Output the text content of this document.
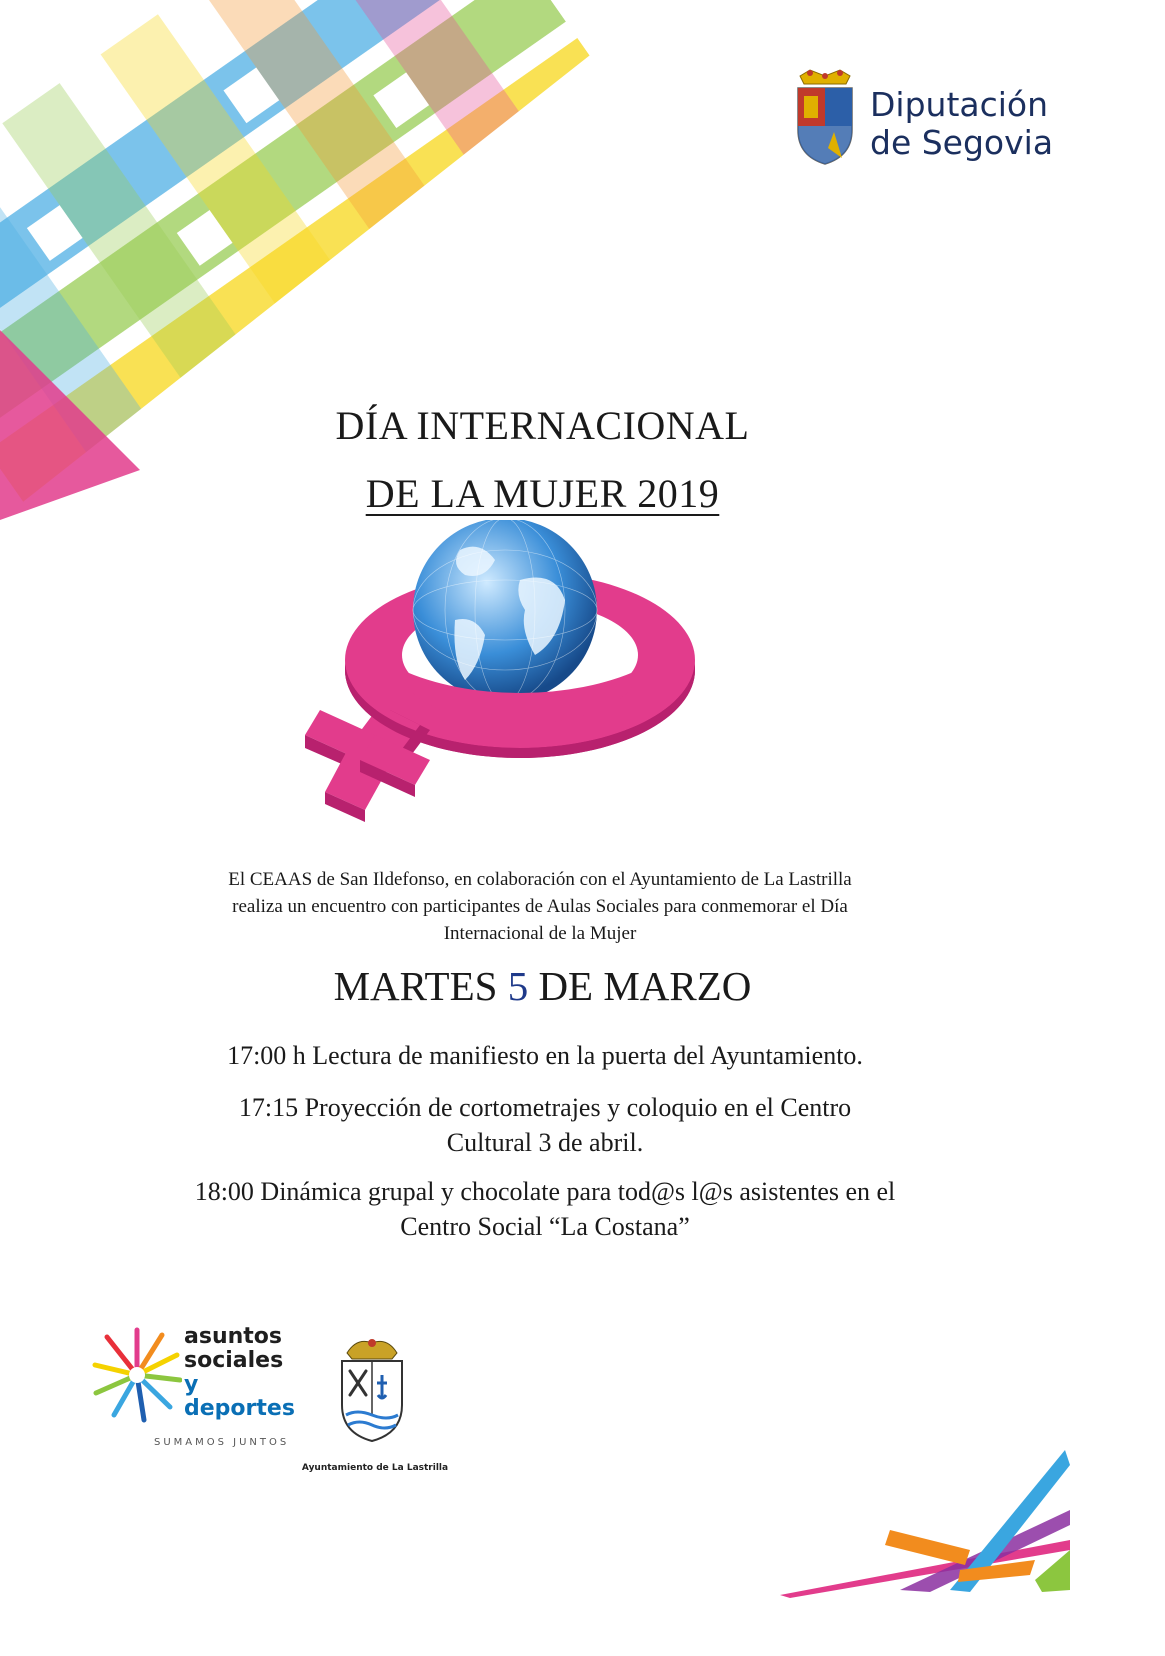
Diputación
de Segovia
DÍA INTERNACIONAL
DE LA MUJER 2019
El CEAAS de San Ildefonso, en colaboración con el Ayuntamiento de La Lastrilla
realiza un encuentro con participantes de Aulas Sociales para conmemorar el Día
Internacional de la Mujer
MARTES 5 DE MARZO
17:00 h Lectura de manifiesto en la puerta del Ayuntamiento.
17:15 Proyección de cortometrajes y coloquio en el Centro
Cultural 3 de abril.
18:00 Dinámica grupal y chocolate para tod@s l@s asistentes en el
Centro Social “La Costana”
asuntos
sociales
y deportes
SUMAMOS JUNTOS
Ayuntamiento de La Lastrilla
